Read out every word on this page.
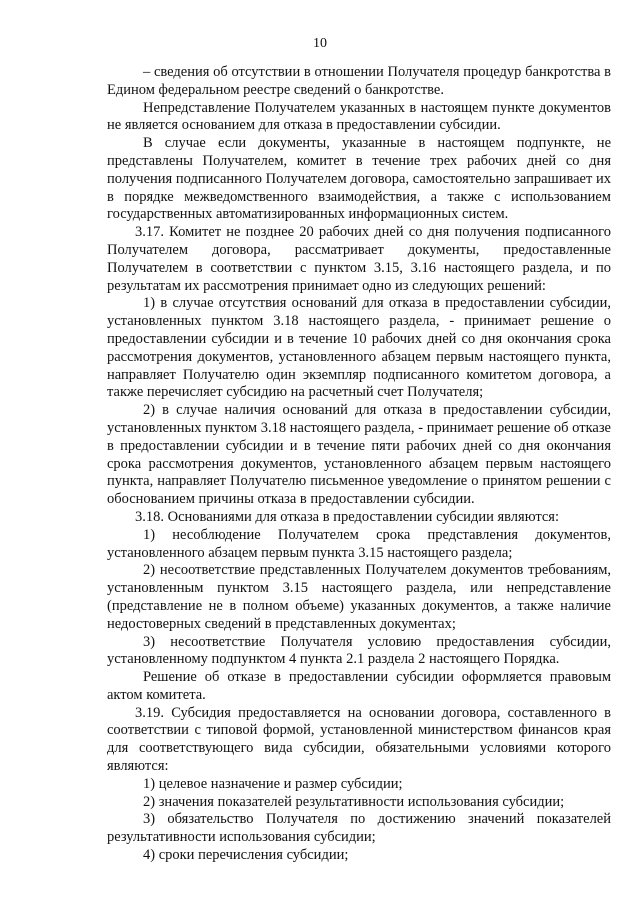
10

– сведения об отсутствии в отношении Получателя процедур банкротства в Едином федеральном реестре сведений о банкротстве.

Непредставление Получателем указанных в настоящем пункте документов не является основанием для отказа в предоставлении субсидии.

В случае если документы, указанные в настоящем подпункте, не представлены Получателем, комитет в течение трех рабочих дней со дня получения подписанного Получателем договора, самостоятельно запрашивает их в порядке межведомственного взаимодействия, а также с использованием государственных автоматизированных информационных систем.

3.17. Комитет не позднее 20 рабочих дней со дня получения подписанного Получателем договора, рассматривает документы, предоставленные Получателем в соответствии с пунктом 3.15, 3.16 настоящего раздела, и по результатам их рассмотрения принимает одно из следующих решений:

1) в случае отсутствия оснований для отказа в предоставлении субсидии, установленных пунктом 3.18 настоящего раздела, - принимает решение о предоставлении субсидии и в течение 10 рабочих дней со дня окончания срока рассмотрения документов, установленного абзацем первым настоящего пункта, направляет Получателю один экземпляр подписанного комитетом договора, а также перечисляет субсидию на расчетный счет Получателя;

2) в случае наличия оснований для отказа в предоставлении субсидии, установленных пунктом 3.18 настоящего раздела, - принимает решение об отказе в предоставлении субсидии и в течение пяти рабочих дней со дня окончания срока рассмотрения документов, установленного абзацем первым настоящего пункта, направляет Получателю письменное уведомление о принятом решении с обоснованием причины отказа в предоставлении субсидии.

3.18. Основаниями для отказа в предоставлении субсидии являются:

1) несоблюдение Получателем срока представления документов, установленного абзацем первым пункта 3.15 настоящего раздела;

2) несоответствие представленных Получателем документов требованиям, установленным пунктом 3.15 настоящего раздела, или непредставление (представление не в полном объеме) указанных документов, а также наличие недостоверных сведений в представленных документах;

3) несоответствие Получателя условию предоставления субсидии, установленному подпунктом 4 пункта 2.1 раздела 2 настоящего Порядка.

Решение об отказе в предоставлении субсидии оформляется правовым актом комитета.

3.19. Субсидия предоставляется на основании договора, составленного в соответствии с типовой формой, установленной министерством финансов края для соответствующего вида субсидии, обязательными условиями которого являются:

1) целевое назначение и размер субсидии;

2) значения показателей результативности использования субсидии;

3) обязательство Получателя по достижению значений показателей результативности использования субсидии;

4) сроки перечисления субсидии;
